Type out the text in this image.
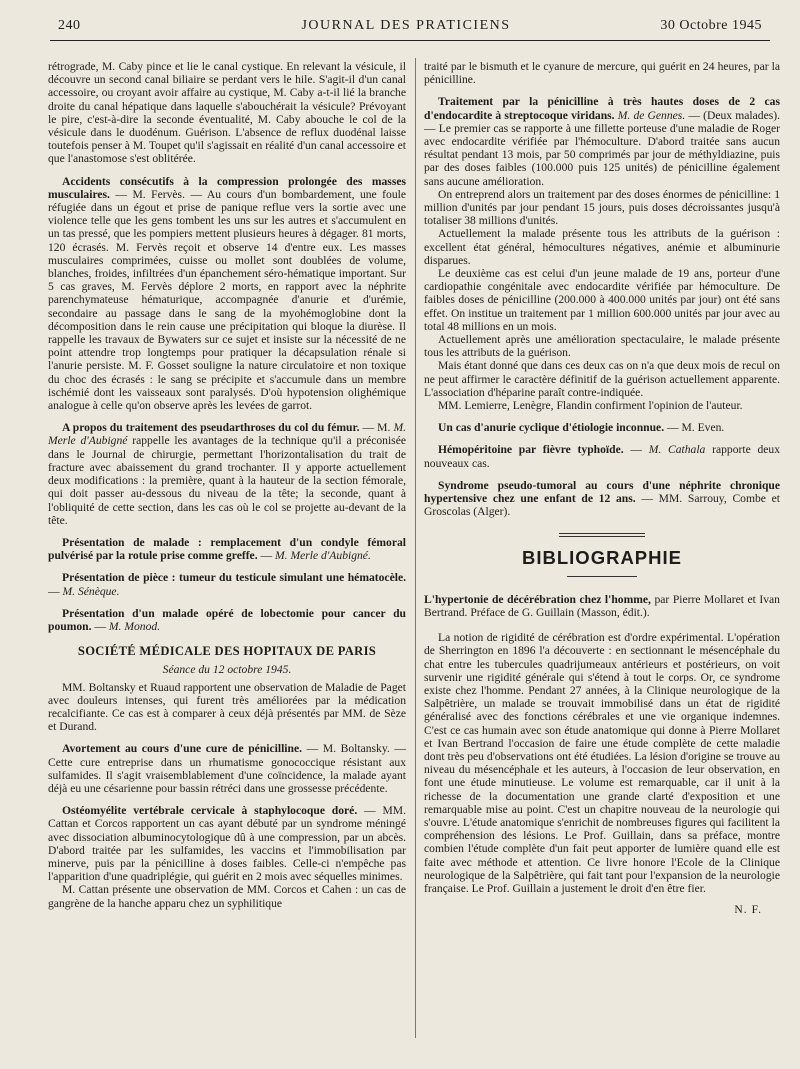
240	JOURNAL DES PRATICIENS	30 Octobre 1945

rétrograde, M. Caby pince et lie le canal cystique. En relevant la vésicule, il découvre un second canal biliaire se perdant vers le hile. S'agit-il d'un canal accessoire, ou croyant avoir affaire au cystique, M. Caby a-t-il lié la branche droite du canal hépatique dans laquelle s'abouchérait la vésicule? Prévoyant le pire, c'est-à-dire la seconde éventualité, M. Caby abouche le col de la vésicule dans le duodénum. Guérison. L'absence de reflux duodénal laisse toutefois penser à M. Toupet qu'il s'agissait en réalité d'un canal accessoire et que l'anastomose s'est oblitérée.

Accidents consécutifs à la compression prolongée des masses musculaires. — M. Fervès. — Au cours d'un bombardement, une foule réfugiée dans un égout et prise de panique reflue vers la sortie avec une violence telle que les gens tombent les uns sur les autres et s'accumulent en un tas pressé, que les pompiers mettent plusieurs heures à dégager. 81 morts, 120 écrasés. M. Fervès reçoit et observe 14 d'entre eux. Les masses musculaires comprimées, cuisse ou mollet sont doublées de volume, blanches, froides, infiltrées d'un épanchement séro-hématique important. Sur 5 cas graves, M. Fervès déplore 2 morts, en rapport avec la néphrite parenchymateuse hématurique, accompagnée d'anurie et d'urémie, secondaire au passage dans le sang de la myohémoglobine dont la décomposition dans le rein cause une précipitation qui bloque la diurèse. Il rappelle les travaux de Bywaters sur ce sujet et insiste sur la nécessité de ne point attendre trop longtemps pour pratiquer la décapsulation rénale si l'anurie persiste. M. F. Gosset souligne la nature circulatoire et non toxique du choc des écrasés : le sang se précipite et s'accumule dans un membre ischémié dont les vaisseaux sont paralysés. D'où hypotension olighémique analogue à celle qu'on observe après les levées de garrot.

A propos du traitement des pseudarthroses du col du fémur. — M. M. Merle d'Aubigné rappelle les avantages de la technique qu'il a préconisée dans le Journal de chirurgie, permettant l'horizontalisation du trait de fracture avec abaissement du grand trochanter. Il y apporte actuellement deux modifications : la première, quant à la hauteur de la section fémorale, qui doit passer au-dessous du niveau de la tête; la seconde, quant à l'obliquité de cette section, dans les cas où le col se projette au-devant de la tête.

Présentation de malade : remplacement d'un condyle fémoral pulvérisé par la rotule prise comme greffe. — M. Merle d'Aubigné.

Présentation de pièce : tumeur du testicule simulant une hématocèle. — M. Sénèque.

Présentation d'un malade opéré de lobectomie pour cancer du poumon. — M. Monod.

SOCIÉTÉ MÉDICALE DES HOPITAUX DE PARIS
Séance du 12 octobre 1945.

MM. Boltansky et Ruaud rapportent une observation de Maladie de Paget avec douleurs intenses, qui furent très améliorées par la médication recalcifiante. Ce cas est à comparer à ceux déjà présentés par MM. de Sèze et Durand.

Avortement au cours d'une cure de pénicilline. — M. Boltansky. — Cette cure entreprise dans un rhumatisme gonococcique résistant aux sulfamides. Il s'agit vraisemblablement d'une coïncidence, la malade ayant déjà eu une césarienne pour bassin rétréci dans une grossesse précédente.

Ostéomyélite vertébrale cervicale à staphylocoque doré. — MM. Cattan et Corcos rapportent un cas ayant débuté par un syndrome méningé avec dissociation albuminocytologique dû à une compression, par un abcès. D'abord traitée par les sulfamides, les vaccins et l'immobilisation par minerve, puis par la pénicilline à doses faibles. Celle-ci n'empêche pas l'apparition d'une quadriplégie, qui guérit en 2 mois avec séquelles minimes.

M. Cattan présente une observation de MM. Corcos et Cahen : un cas de gangrène de la hanche apparu chez un syphilitique

traité par le bismuth et le cyanure de mercure, qui guérit en 24 heures, par la pénicilline.

Traitement par la pénicilline à très hautes doses de 2 cas d'endocardite à streptocoque viridans. M. de Gennes. — (Deux malades). — Le premier cas se rapporte à une fillette porteuse d'une maladie de Roger avec endocardite vérifiée par l'hémoculture. D'abord traitée sans aucun résultat pendant 13 mois, par 50 comprimés par jour de méthyldiazine, puis par des doses faibles (100.000 puis 125 unités) de pénicilline également sans aucune amélioration.

On entreprend alors un traitement par des doses énormes de pénicilline: 1 million d'unités par jour pendant 15 jours, puis doses décroissantes jusqu'à totaliser 38 millions d'unités.

Actuellement la malade présente tous les attributs de la guérison : excellent état général, hémocultures négatives, anémie et albuminurie disparues.

Le deuxième cas est celui d'un jeune malade de 19 ans, porteur d'une cardiopathie congénitale avec endocardite vérifiée par hémoculture. De faibles doses de pénicilline (200.000 à 400.000 unités par jour) ont été sans effet. On institue un traitement par 1 million 600.000 unités par jour avec au total 48 millions en un mois.

Actuellement après une amélioration spectaculaire, le malade présente tous les attributs de la guérison.

Mais étant donné que dans ces deux cas on n'a que deux mois de recul on ne peut affirmer le caractère définitif de la guérison actuellement apparente. L'association d'héparine paraît contre-indiquée.

MM. Lemierre, Lenègre, Flandin confirment l'opinion de l'auteur.

Un cas d'anurie cyclique d'étiologie inconnue. — M. Even.

Hémopéritoine par fièvre typhoïde. — M. Cathala rapporte deux nouveaux cas.

Syndrome pseudo-tumoral au cours d'une néphrite chronique hypertensive chez une enfant de 12 ans. — MM. Sarrouy, Combe et Groscolas (Alger).

BIBLIOGRAPHIE

L'hypertonie de décérébration chez l'homme, par Pierre Mollaret et Ivan Bertrand. Préface de G. Guillain (Masson, édit.).

La notion de rigidité de cérébration est d'ordre expérimental. L'opération de Sherrington en 1896 l'a découverte : en sectionnant le mésencéphale du chat entre les tubercules quadrijumeaux antérieurs et postérieurs, on voit survenir une rigidité générale qui s'étend à tout le corps. Or, ce syndrome existe chez l'homme. Pendant 27 années, à la Clinique neurologique de la Salpêtrière, un malade se trouvait immobilisé dans un état de rigidité généralisé avec des fonctions cérébrales et une vie organique indemnes. C'est ce cas humain avec son étude anatomique qui donne à Pierre Mollaret et Ivan Bertrand l'occasion de faire une étude complète de cette maladie dont très peu d'observations ont été étudiées. La lésion d'origine se trouve au niveau du mésencéphale et les auteurs, à l'occasion de leur observation, en font une étude minutieuse. Le volume est remarquable, car il unit à la richesse de la documentation une grande clarté d'exposition et une remarquable mise au point. C'est un chapitre nouveau de la neurologie qui s'ouvre. L'étude anatomique s'enrichit de nombreuses figures qui facilitent la compréhension des lésions. Le Prof. Guillain, dans sa préface, montre combien l'étude complète d'un fait peut apporter de lumière quand elle est faite avec méthode et attention. Ce livre honore l'Ecole de la Clinique neurologique de la Salpêtrière, qui fait tant pour l'expansion de la neurologie française. Le Prof. Guillain a justement le droit d'en être fier.

N. F.
